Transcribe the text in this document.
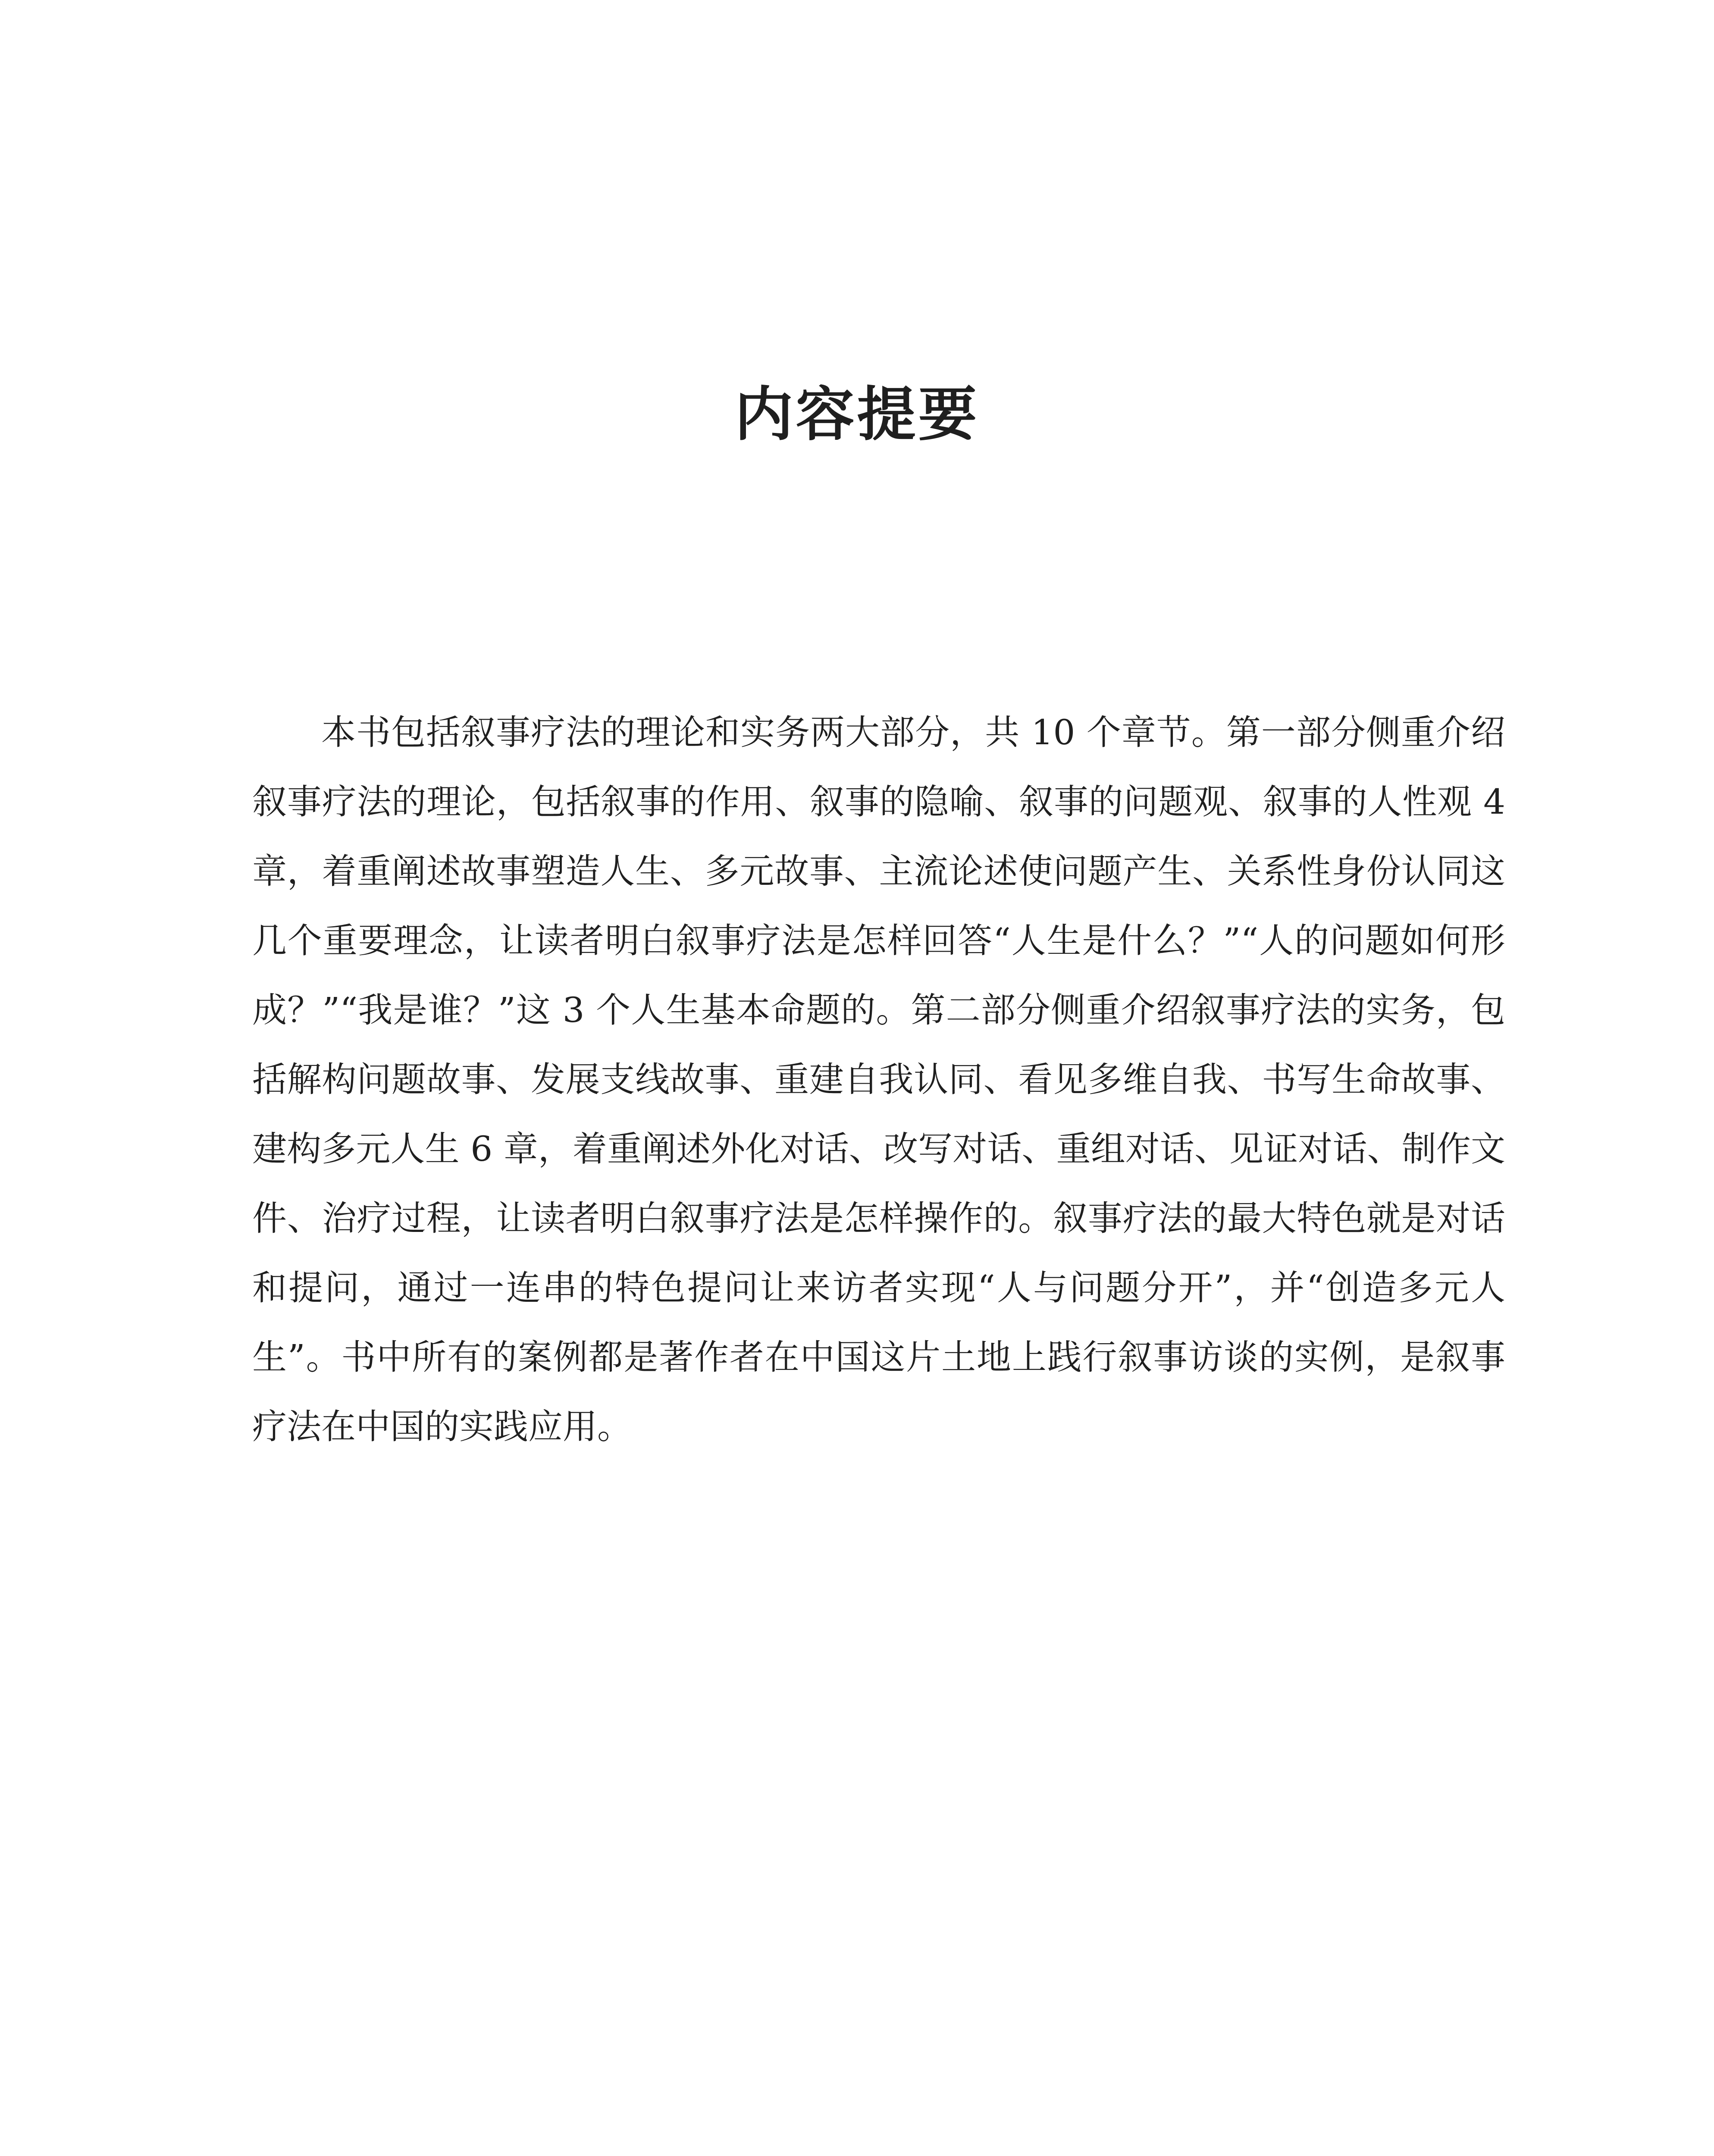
内容提要

本书包括叙事疗法的理论和实务两大部分，共 10 个章节。第一部分侧重介绍叙事疗法的理论，包括叙事的作用、叙事的隐喻、叙事的问题观、叙事的人性观 4 章，着重阐述故事塑造人生、多元故事、主流论述使问题产生、关系性身份认同这几个重要理念，让读者明白叙事疗法是怎样回答“人生是什么？”“人的问题如何形成？”“我是谁？”这 3 个人生基本命题的。第二部分侧重介绍叙事疗法的实务，包括解构问题故事、发展支线故事、重建自我认同、看见多维自我、书写生命故事、建构多元人生 6 章，着重阐述外化对话、改写对话、重组对话、见证对话、制作文件、治疗过程，让读者明白叙事疗法是怎样操作的。叙事疗法的最大特色就是对话和提问，通过一连串的特色提问让来访者实现“人与问题分开”，并“创造多元人生”。书中所有的案例都是著作者在中国这片土地上践行叙事访谈的实例，是叙事疗法在中国的实践应用。
